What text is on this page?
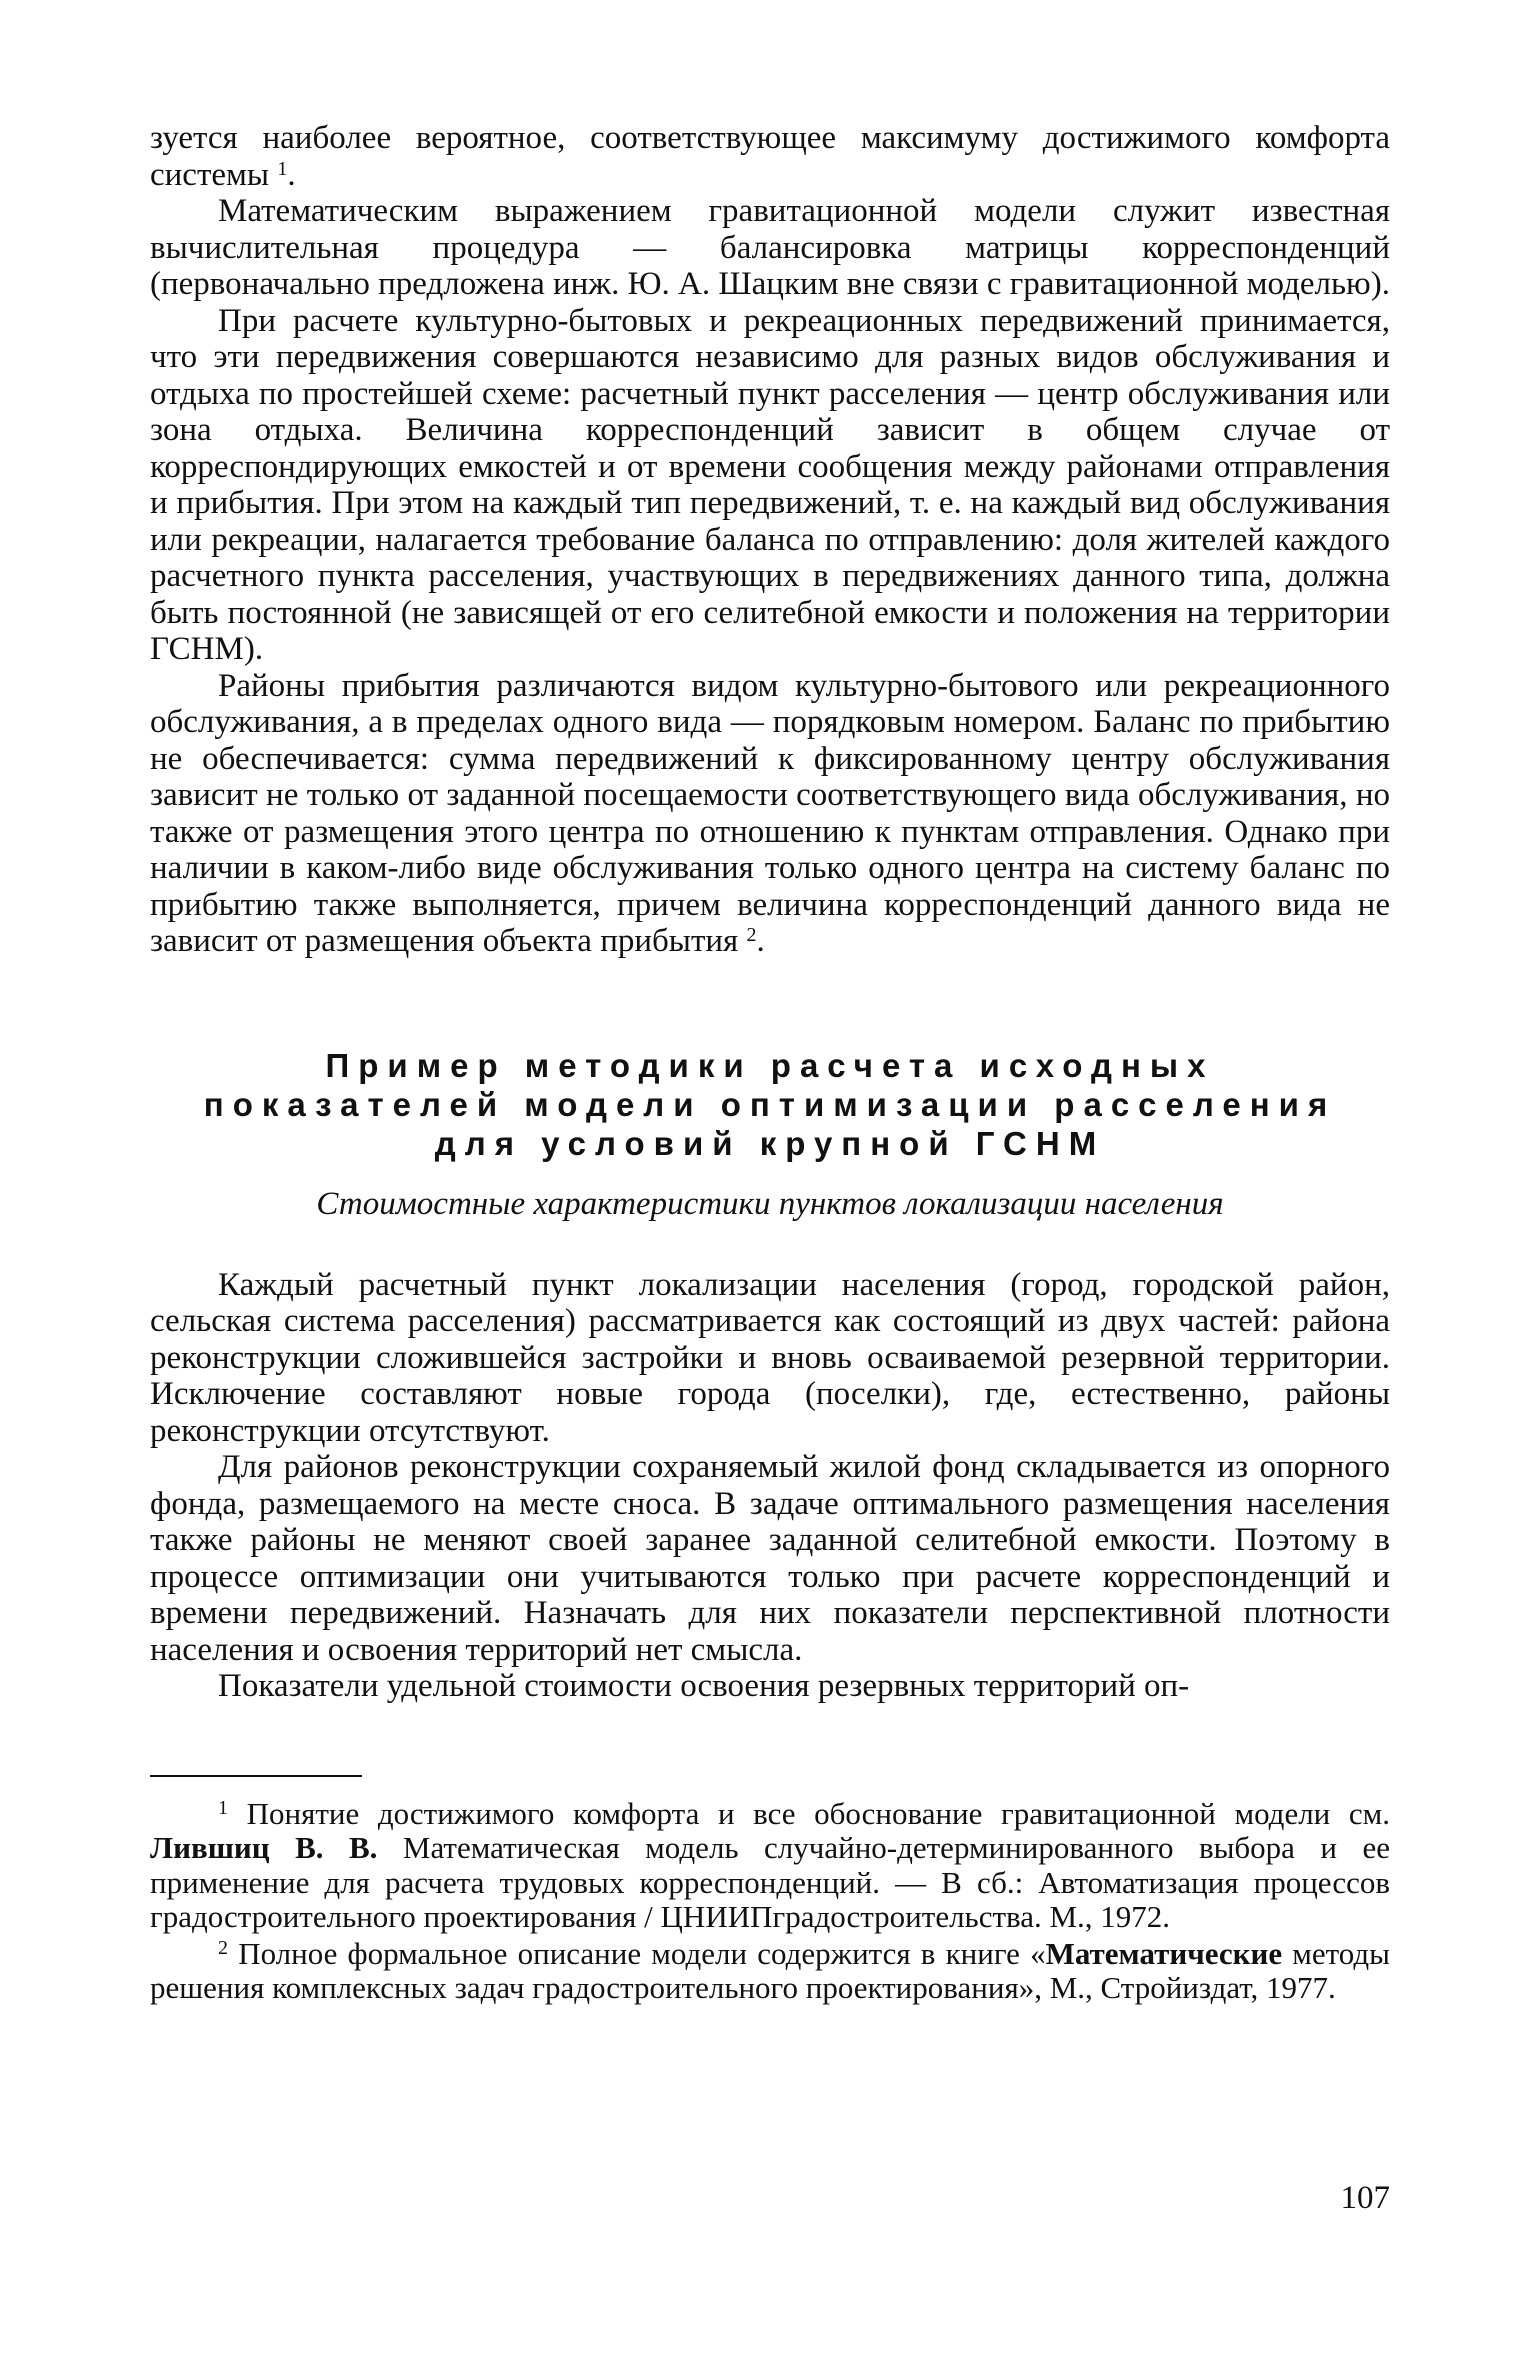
зуется наиболее вероятное, соответствующее максимуму достижимого комфорта системы $^1$.

Математическим выражением гравитационной модели служит известная вычислительная процедура — балансировка матрицы корреспонденций (первоначально предложена инж. Ю. А. Шацким вне связи с гравитационной моделью).

При расчете культурно-бытовых и рекреационных передвижений принимается, что эти передвижения совершаются независимо для разных видов обслуживания и отдыха по простейшей схеме: расчетный пункт расселения — центр обслуживания или зона отдыха. Величина корреспонденций зависит в общем случае от корреспондирующих емкостей и от времени сообщения между районами отправления и прибытия. При этом на каждый тип передвижений, т. е. на каждый вид обслуживания или рекреации, налагается требование баланса по отправлению: доля жителей каждого расчетного пункта расселения, участвующих в передвижениях данного типа, должна быть постоянной (не зависящей от его селитебной емкости и положения на территории ГСНМ).

Районы прибытия различаются видом культурно-бытового или рекреационного обслуживания, а в пределах одного вида — порядковым номером. Баланс по прибытию не обеспечивается: сумма передвижений к фиксированному центру обслуживания зависит не только от заданной посещаемости соответствующего вида обслуживания, но также от размещения этого центра по отношению к пунктам отправления. Однако при наличии в каком-либо виде обслуживания только одного центра на систему баланс по прибытию также выполняется, причем величина корреспонденций данного вида не зависит от размещения объекта прибытия $^2$.

Пример методики расчета исходных
показателей модели оптимизации расселения
для условий крупной ГСНМ
Стоимостные характеристики пунктов локализации населения

Каждый расчетный пункт локализации населения (город, городской район, сельская система расселения) рассматривается как состоящий из двух частей: района реконструкции сложившейся застройки и вновь осваиваемой резервной территории. Исключение составляют новые города (поселки), где, естественно, районы реконструкции отсутствуют.

Для районов реконструкции сохраняемый жилой фонд складывается из опорного фонда, размещаемого на месте сноса. В задаче оптимального размещения населения также районы не меняют своей заранее заданной селитебной емкости. Поэтому в процессе оптимизации они учитываются только при расчете корреспонденций и времени передвижений. Назначать для них показатели перспективной плотности населения и освоения территорий нет смысла.

Показатели удельной стоимости освоения резервных территорий оп-

$^1$ Понятие достижимого комфорта и все обоснование гравитационной модели см. Лившиц В. В. Математическая модель случайно-детерминированного выбора и ее применение для расчета трудовых корреспонденций. — В сб.: Автоматизация процессов градостроительного проектирования / ЦНИИПградостроительства. М., 1972.

$^2$ Полное формальное описание модели содержится в книге «Математические методы решения комплексных задач градостроительного проектирования», М., Стройиздат, 1977.

107
